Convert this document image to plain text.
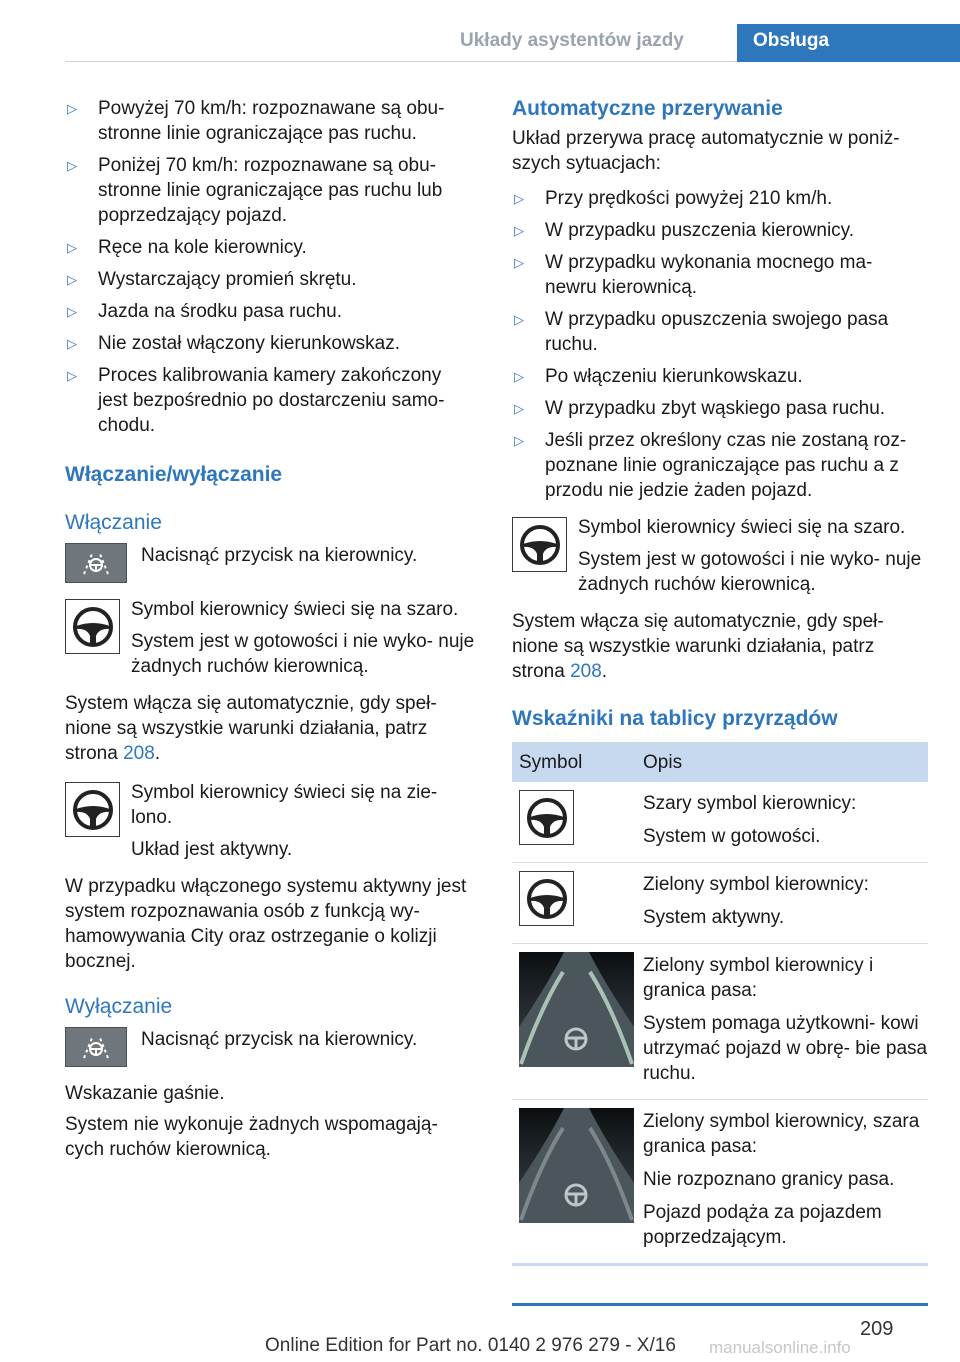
Układy asystentów jazdy	Obsługa
▷ Powyżej 70 km/h: rozpoznawane są obu‐ stronne linie ograniczające pas ruchu.
▷ Poniżej 70 km/h: rozpoznawane są obu‐ stronne linie ograniczające pas ruchu lub poprzedzający pojazd.
▷ Ręce na kole kierownicy.
▷ Wystarczający promień skrętu.
▷ Jazda na środku pasa ruchu.
▷ Nie został włączony kierunkowskaz.
▷ Proces kalibrowania kamery zakończony jest bezpośrednio po dostarczeniu samo‐ chodu.
Włączanie/wyłączanie
Włączanie

Nacisnąć przycisk na kierownicy.

Symbol kierownicy świeci się na szaro.

System jest w gotowości i nie wyko‐ nuje żadnych ruchów kierownicą.

System włącza się automatycznie, gdy speł‐ nione są wszystkie warunki działania, patrz strona 208.

Symbol kierownicy świeci się na zie‐ lono.

Układ jest aktywny.

W przypadku włączonego systemu aktywny jest system rozpoznawania osób z funkcją wy‐ hamowywania City oraz ostrzeganie o kolizji bocznej.

Wyłączanie

Nacisnąć przycisk na kierownicy.

Wskazanie gaśnie.

System nie wykonuje żadnych wspomagają‐ cych ruchów kierownicą.

Automatyczne przerywanie

Układ przerywa pracę automatycznie w poniż‐ szych sytuacjach:

▷ Przy prędkości powyżej 210 km/h.
▷ W przypadku puszczenia kierownicy.
▷ W przypadku wykonania mocnego ma‐ newru kierownicą.
▷ W przypadku opuszczenia swojego pasa ruchu.
▷ Po włączeniu kierunkowskazu.
▷ W przypadku zbyt wąskiego pasa ruchu.
▷ Jeśli przez określony czas nie zostaną roz‐ poznane linie ograniczające pas ruchu a z przodu nie jedzie żaden pojazd.

Symbol kierownicy świeci się na szaro.

System jest w gotowości i nie wyko‐ nuje żadnych ruchów kierownicą.

System włącza się automatycznie, gdy speł‐ nione są wszystkie warunki działania, patrz strona 208.

Wskaźniki na tablicy przyrządów
Symbol	Opis

Szary symbol kierownicy:

System w gotowości.

Zielony symbol kierownicy:

System aktywny.

Zielony symbol kierownicy i granica pasa:

System pomaga użytkowni‐ kowi utrzymać pojazd w obrę‐ bie pasa ruchu.

Zielony symbol kierownicy, szara granica pasa:

Nie rozpoznano granicy pasa.

Pojazd podąża za pojazdem poprzedzającym.

209
Online Edition for Part no. 0140 2 976 279 - X/16 manualsonline.info
